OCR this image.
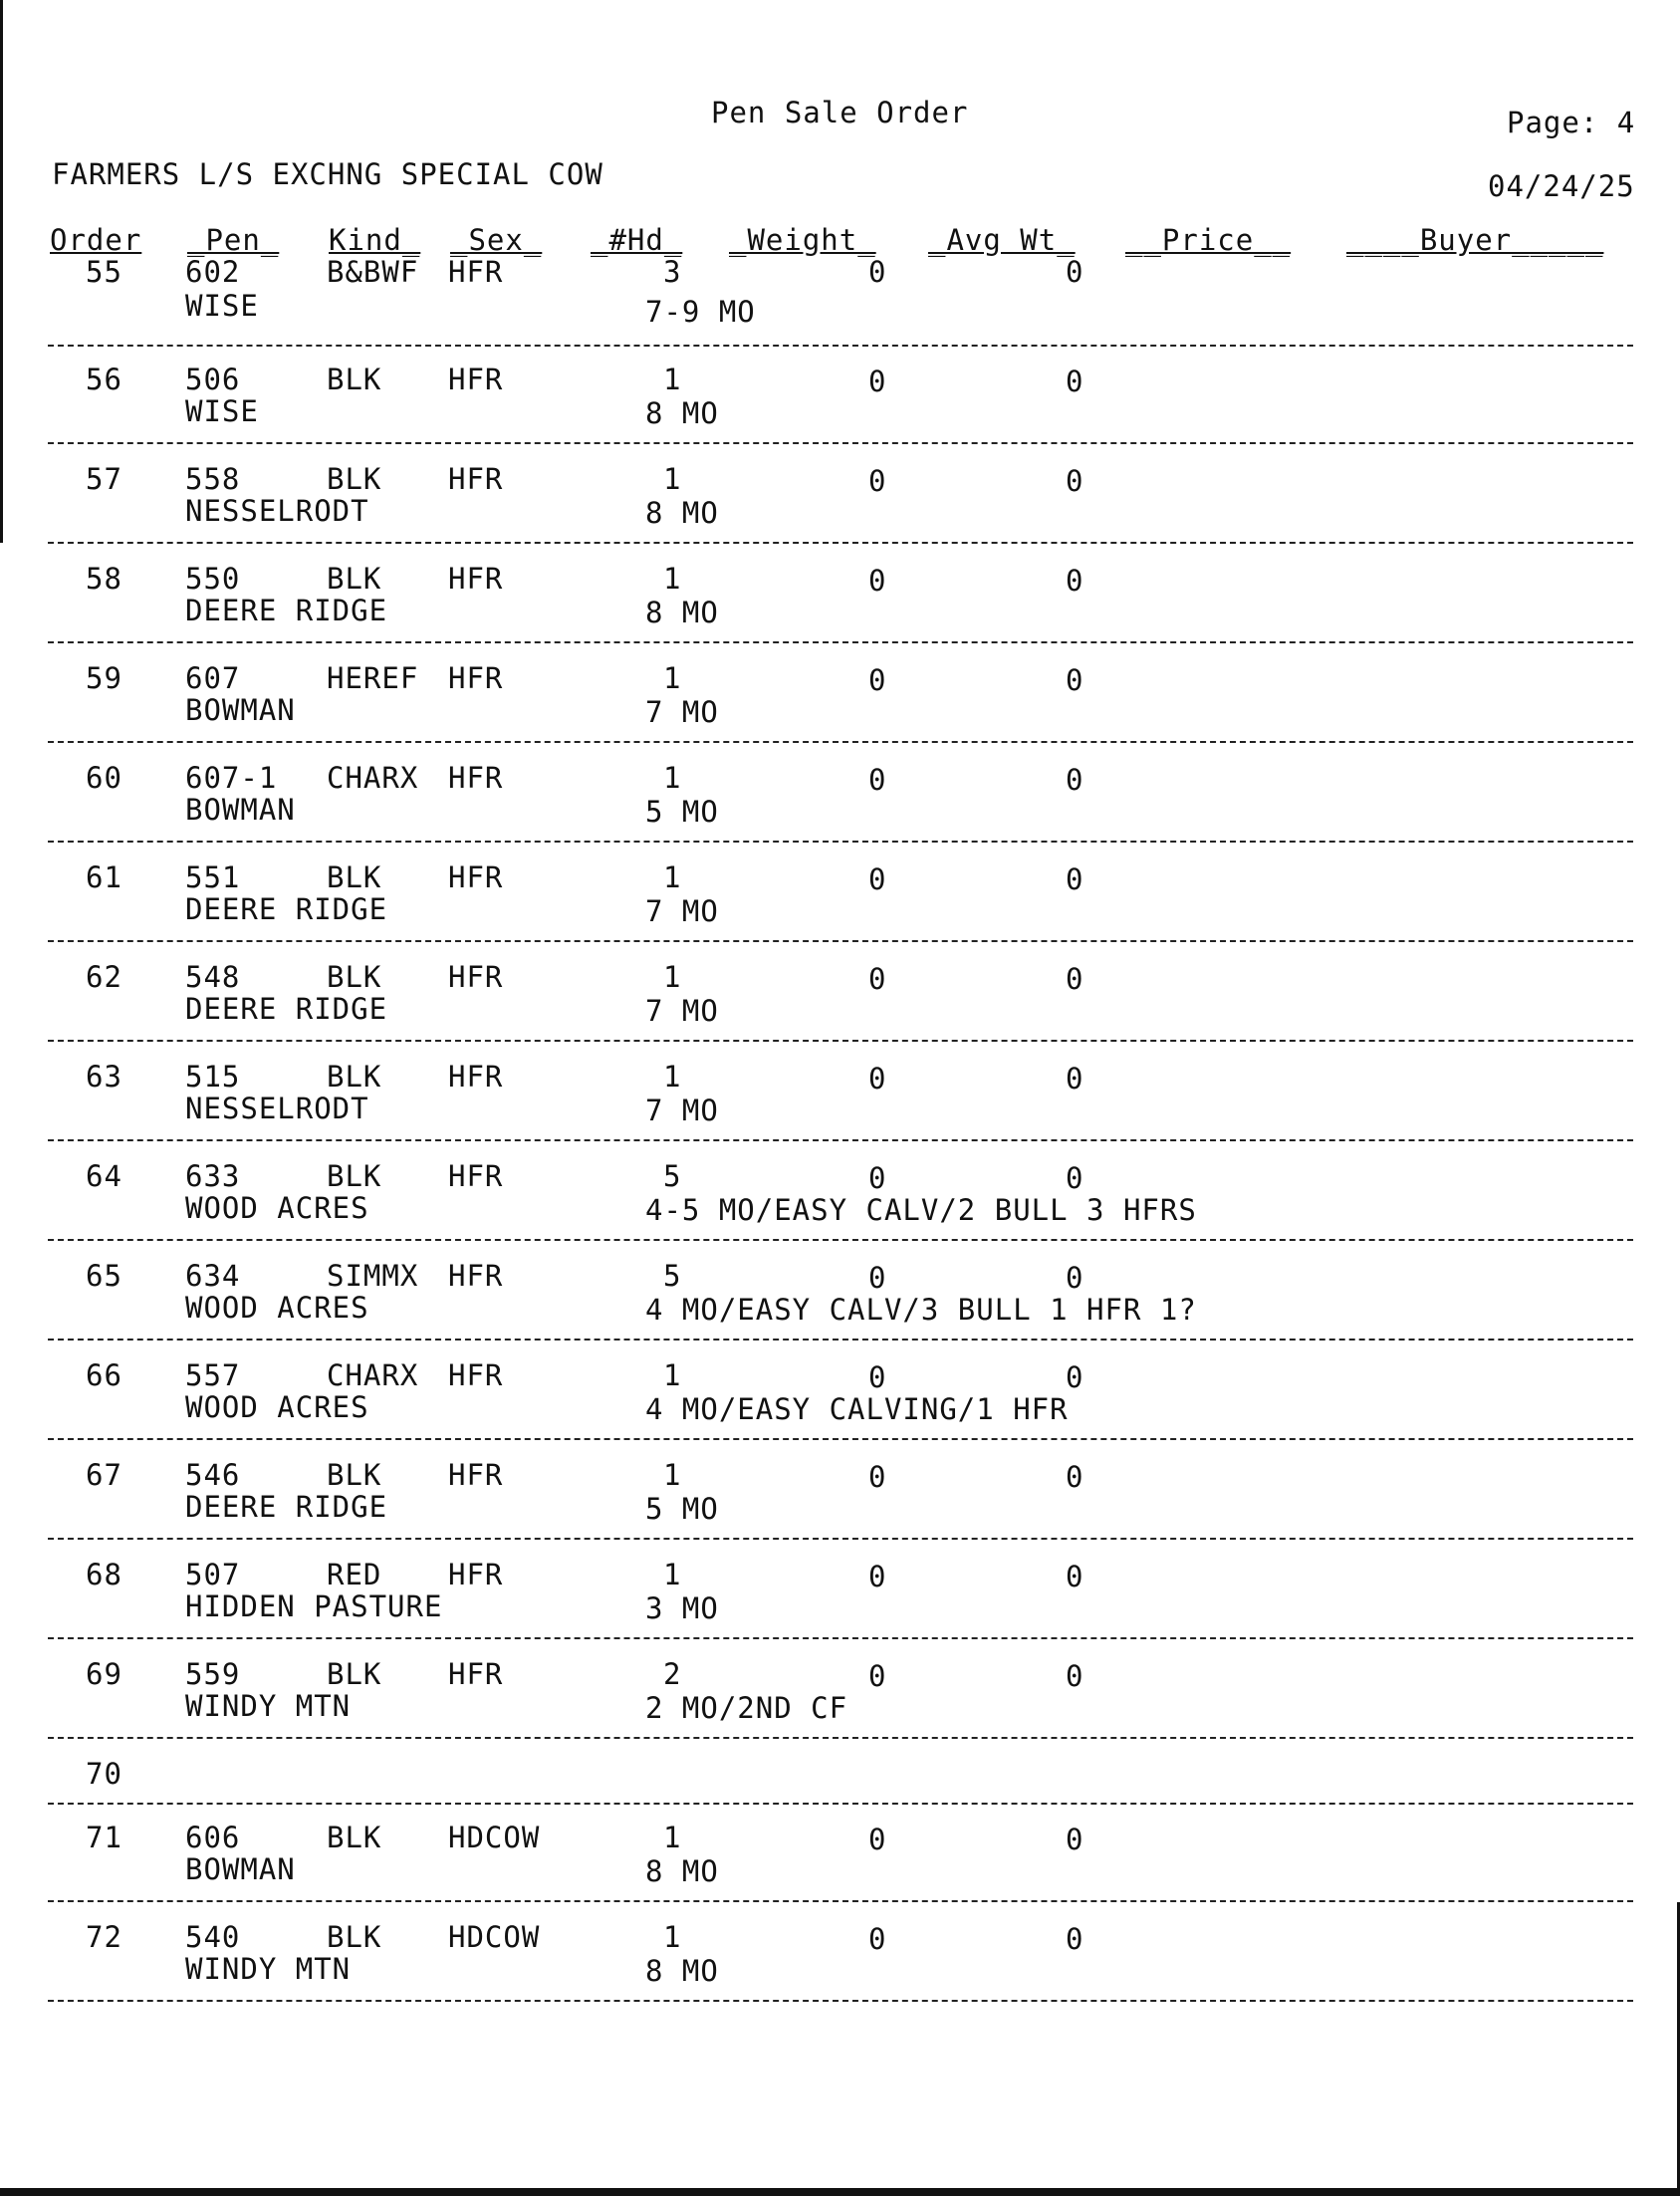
Pen Sale Order	Page: 4
FARMERS L/S EXCHNG SPECIAL COW	04/24/25
Order _Pen_ Kind_ _Sex_ _#Hd_ _Weight_ _Avg Wt_ __Price__ ____Buyer_____
55 602	B&BWF HFR	3	0	0
WISE	7-9 MO
56 506	BLK HFR	1	0	0
WISE	8 MO
57 558	BLK HFR	1	0	0
NESSELRODT	8 MO
58 550	BLK HFR	1	0	0
DEERE RIDGE	8 MO
59 607	HEREF HFR	1	0	0
BOWMAN	7 MO
60 607-1 CHARX HFR	1	0	0
BOWMAN	5 MO
61 551	BLK HFR	1	0	0
DEERE RIDGE	7 MO
62 548	BLK HFR	1	0	0
DEERE RIDGE	7 MO
63 515	BLK HFR	1	0	0
NESSELRODT	7 MO
64 633	BLK HFR	5	0	0
WOOD ACRES	4-5 MO/EASY CALV/2 BULL 3 HFRS
65 634	SIMMX HFR	5	0	0
WOOD ACRES	4 MO/EASY CALV/3 BULL 1 HFR 1?
66 557	CHARX HFR	1	0	0
WOOD ACRES	4 MO/EASY CALVING/1 HFR
67 546	BLK HFR	1	0	0
DEERE RIDGE	5 MO
68 507	RED HFR	1	0	0
HIDDEN PASTURE	3 MO
69 559	BLK HFR	2	0	0
WINDY MTN	2 MO/2ND CF
70
71 606	BLK HDCOW	1	0	0
BOWMAN	8 MO
72 540	BLK HDCOW	1	0	0
WINDY MTN	8 MO
